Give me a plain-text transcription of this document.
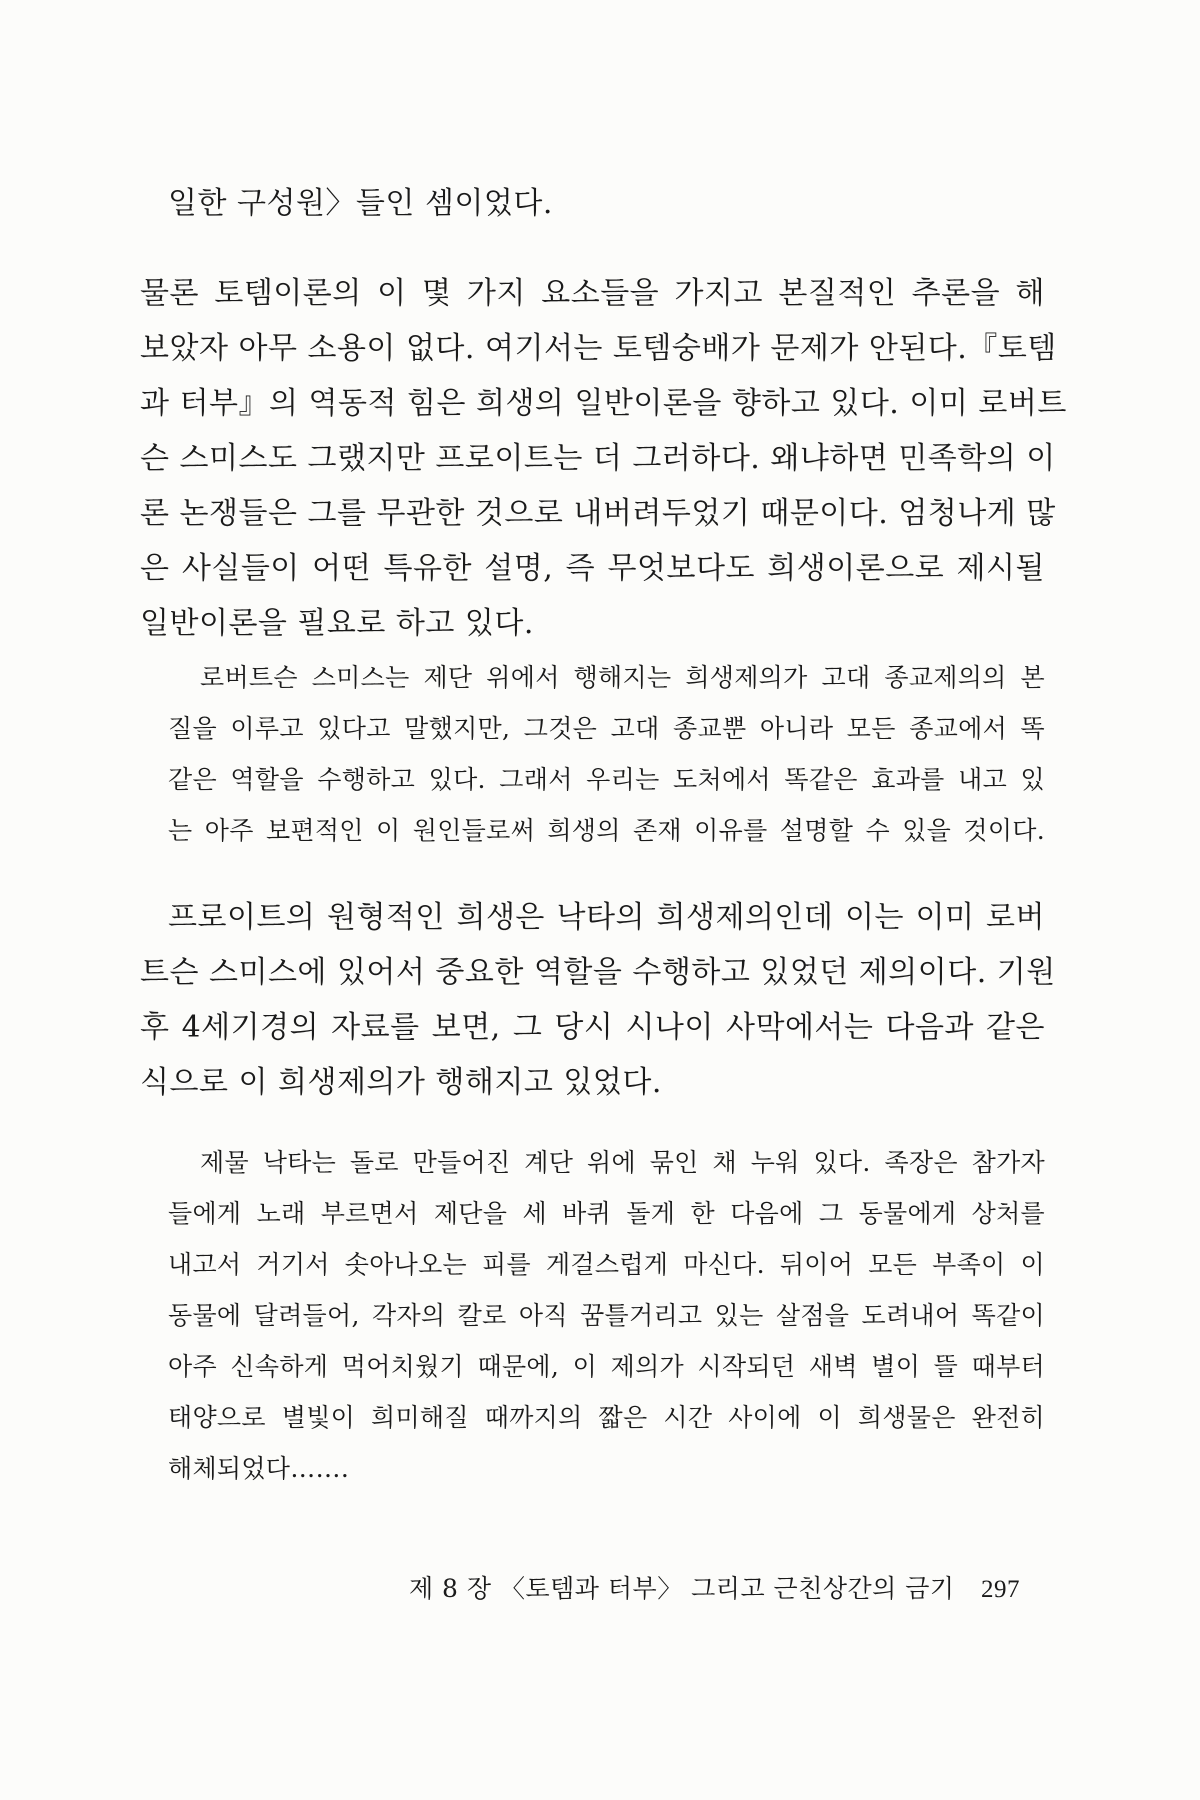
일한 구성원〉들인 셈이었다.
물론 토템이론의 이 몇 가지 요소들을 가지고 본질적인 추론을 해
보았자 아무 소용이 없다. 여기서는 토템숭배가 문제가 안된다.『토템
과 터부』의 역동적 힘은 희생의 일반이론을 향하고 있다. 이미 로버트
슨 스미스도 그랬지만 프로이트는 더 그러하다. 왜냐하면 민족학의 이
론 논쟁들은 그를 무관한 것으로 내버려두었기 때문이다. 엄청나게 많
은 사실들이 어떤 특유한 설명, 즉 무엇보다도 희생이론으로 제시될
일반이론을 필요로 하고 있다.
로버트슨 스미스는 제단 위에서 행해지는 희생제의가 고대 종교제의의 본
질을 이루고 있다고 말했지만, 그것은 고대 종교뿐 아니라 모든 종교에서 똑
같은 역할을 수행하고 있다. 그래서 우리는 도처에서 똑같은 효과를 내고 있
는 아주 보편적인 이 원인들로써 희생의 존재 이유를 설명할 수 있을 것이다.
프로이트의 원형적인 희생은 낙타의 희생제의인데 이는 이미 로버
트슨 스미스에 있어서 중요한 역할을 수행하고 있었던 제의이다. 기원
후 4세기경의 자료를 보면, 그 당시 시나이 사막에서는 다음과 같은
식으로 이 희생제의가 행해지고 있었다.
제물 낙타는 돌로 만들어진 계단 위에 묶인 채 누워 있다. 족장은 참가자
들에게 노래 부르면서 제단을 세 바퀴 돌게 한 다음에 그 동물에게 상처를
내고서 거기서 솟아나오는 피를 게걸스럽게 마신다. 뒤이어 모든 부족이 이
동물에 달려들어, 각자의 칼로 아직 꿈틀거리고 있는 살점을 도려내어 똑같이
아주 신속하게 먹어치웠기 때문에, 이 제의가 시작되던 새벽 별이 뜰 때부터
태양으로 별빛이 희미해질 때까지의 짧은 시간 사이에 이 희생물은 완전히
해체되었다…….
제 8 장 〈토템과 터부〉 그리고 근친상간의 금기 297
